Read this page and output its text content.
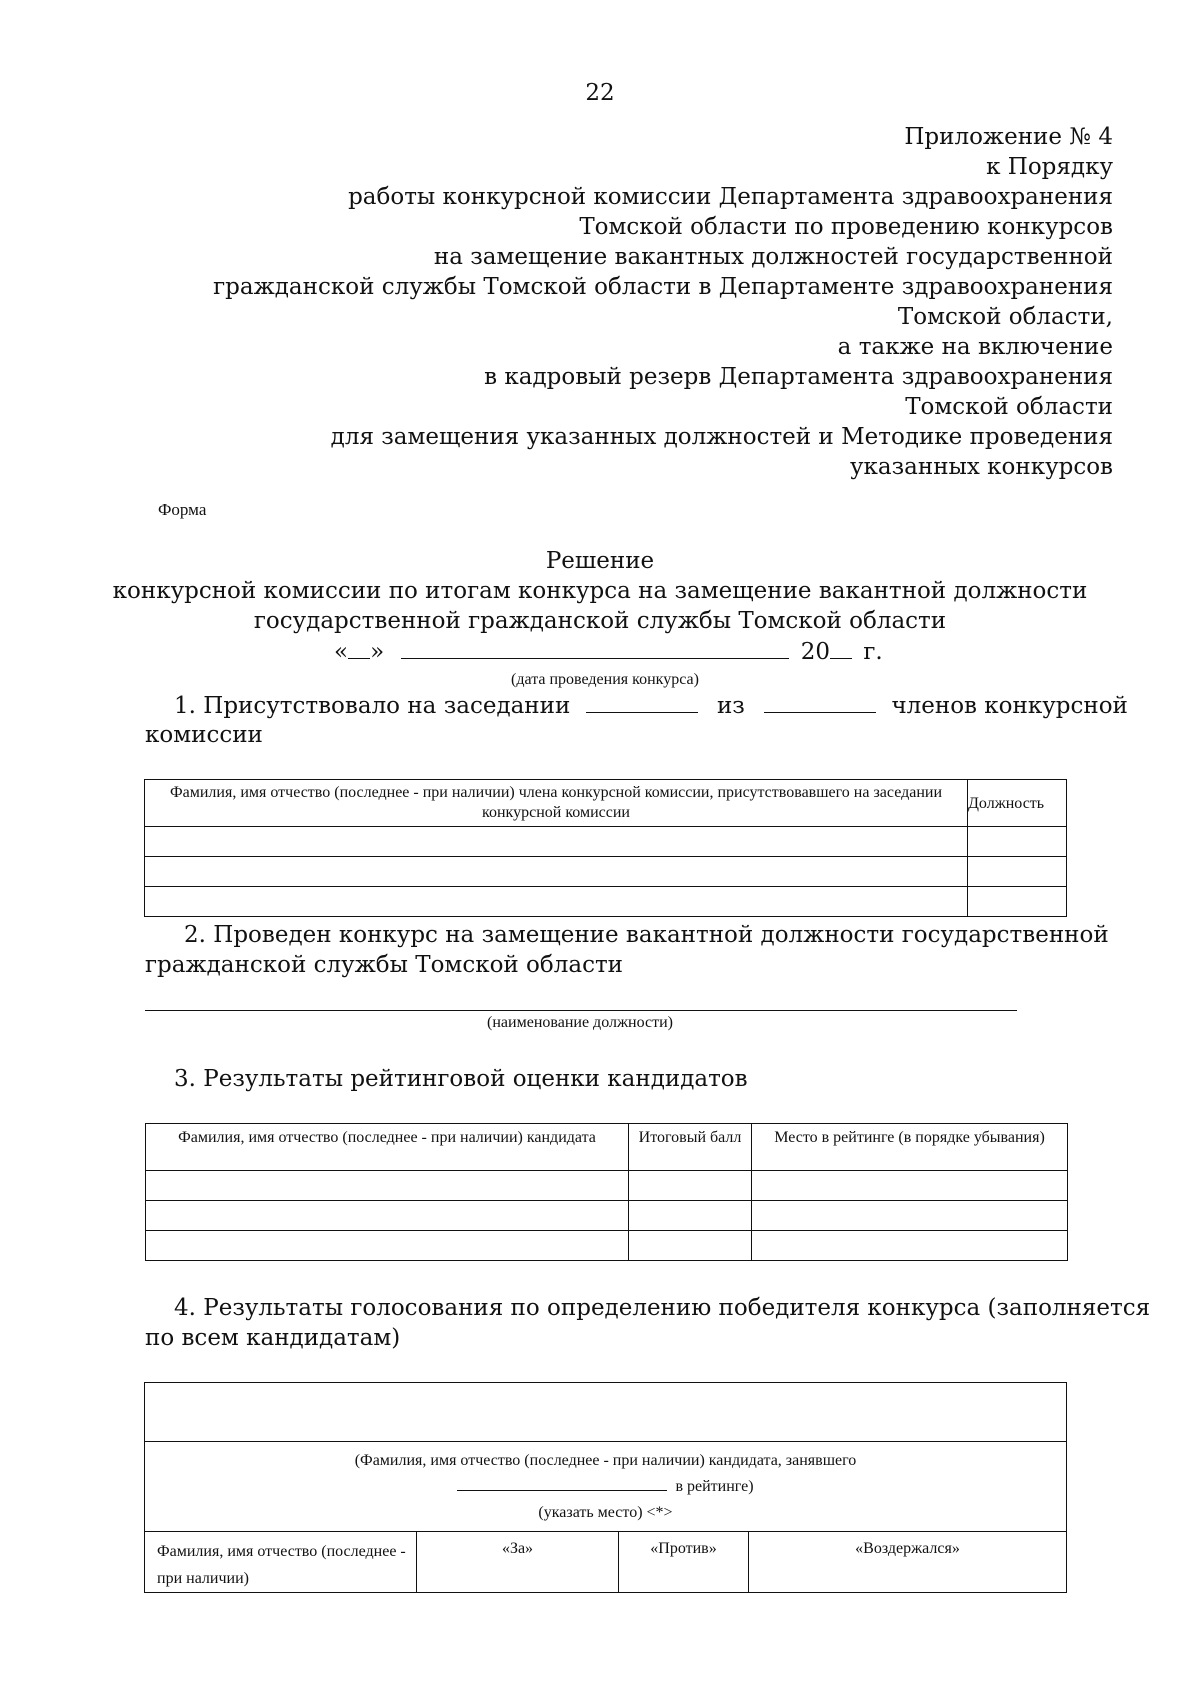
22
Приложение № 4
к Порядку
работы конкурсной комиссии Департамента здравоохранения
Томской области по проведению конкурсов
на замещение вакантных должностей государственной
гражданской службы Томской области в Департаменте здравоохранения
Томской области,
а также на включение
в кадровый резерв Департамента здравоохранения
Томской области
для замещения указанных должностей и Методике проведения
указанных конкурсов
Форма
Решение
конкурсной комиссии по итогам конкурса на замещение вакантной должности
государственной гражданской службы Томской области
« »	20 г.
(дата проведения конкурса)
1. Присутствовало на заседании	из	членов конкурсной
комиссии
Фамилия, имя отчество (последнее - при наличии) члена конкурсной комиссии, присутствовавшего на заседании конкурсной комиссии	Должность

2. Проведен конкурс на замещение вакантной должности государственной
гражданской службы Томской области
(наименование должности)
3. Результаты рейтинговой оценки кандидатов
Фамилия, имя отчество (последнее - при наличии) кандидата	Итоговый балл	Место в рейтинге (в порядке убывания)

4. Результаты голосования по определению победителя конкурса (заполняется
по всем кандидатам)

(Фамилия, имя отчество (последнее - при наличии) кандидата, занявшего
в рейтинге)
(указать место) <*>

Фамилия, имя отчество (последнее - при наличии)	«За»	«Против»	«Воздержался»
